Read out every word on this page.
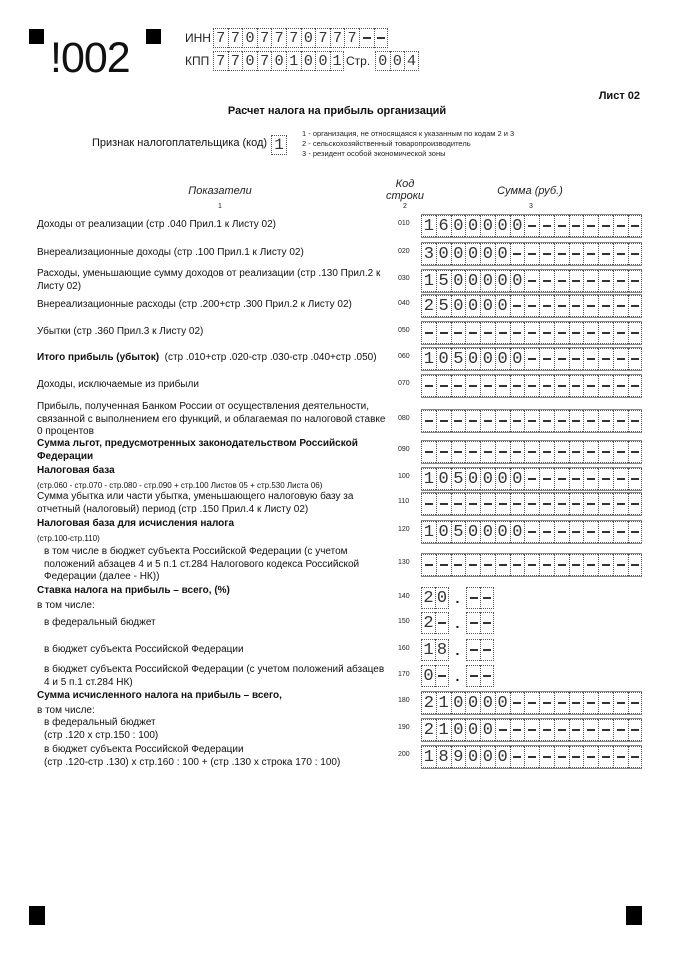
!002	ИНН 7 7 0 7 7 7 0 7 7 7
КПП 7 7 0 7 0 1 0 0 1 Стр. 0 0 4
Лист 02
Расчет налога на прибыль организаций
Признак налогоплательщика (код) 1
1 - организация, не относящаяся к указанным по кодам 2 и 3
2 - сельскохозяйственный товаропроизводитель
3 - резидент особой экономической зоны
Показатели
Код
строки	Сумма (руб.)
1	2	3
Доходы от реализации (стр .040 Прил.1 к Листу 02)	010 1 6 0 0 0 0 0
Внереализационные доходы (стр .100 Прил.1 к Листу 02)	020 3 0 0 0 0 0
Расходы, уменьшающие сумму доходов от реализации (стр .130 Прил.2 к Листу 02)
030 1 5 0 0 0 0 0
Внереализационные расходы (стр .200+стр .300 Прил.2 к Листу 02)	040 2 5 0 0 0 0
Убытки (стр .360 Прил.3 к Листу 02)	050
Итого прибыль (убыток)  (стр .010+стр .020-стр .030-стр .040+стр .050)	060 1 0 5 0 0 0 0
Доходы, исключаемые из прибыли	070
Прибыль, полученная Банком России от осуществления деятельности, связанной с выполнением его функций, и облагаемая по налоговой ставке 0 процентов
080
Сумма льгот, предусмотренных законодательством Российской Федерации
090
Налоговая база
(стр.060 - стр.070 - стр.080 - стр.090 + стр.100 Листов 05 + стр.530 Листа 06)
100 1 0 5 0 0 0 0
Сумма убытка или части убытка, уменьшающего налоговую базу за отчетный (налоговый) период (стр .150 Прил.4 к Листу 02)
110
Налоговая база для исчисления налога
(стр.100-стр.110)
120 1 0 5 0 0 0 0
в том числе в бюджет субъекта Российской Федерации (с учетом положений абзацев 4 и 5 п.1 ст.284 Налогового кодекса Российской Федерации (далее - НК))
130
Ставка налога на прибыль – всего, (%)
в том числе:
140 2 0 .
в федеральный бюджет	150 2	.
в бюджет субъекта Российской Федерации	160 1 8 .
в бюджет субъекта Российской Федерации (с учетом положений абзацев 4 и 5 п.1 ст.284 НК)
170 0	.
Сумма исчисленного налога на прибыль – всего,
в том числе:
180 2 1 0 0 0 0
в федеральный бюджет
(стр .120 х стр.150 : 100)
190 2 1 0 0 0
в бюджет субъекта Российской Федерации
(стр .120-стр .130) х стр.160 : 100 + (стр .130 х строка 170 : 100)
200 1 8 9 0 0 0
